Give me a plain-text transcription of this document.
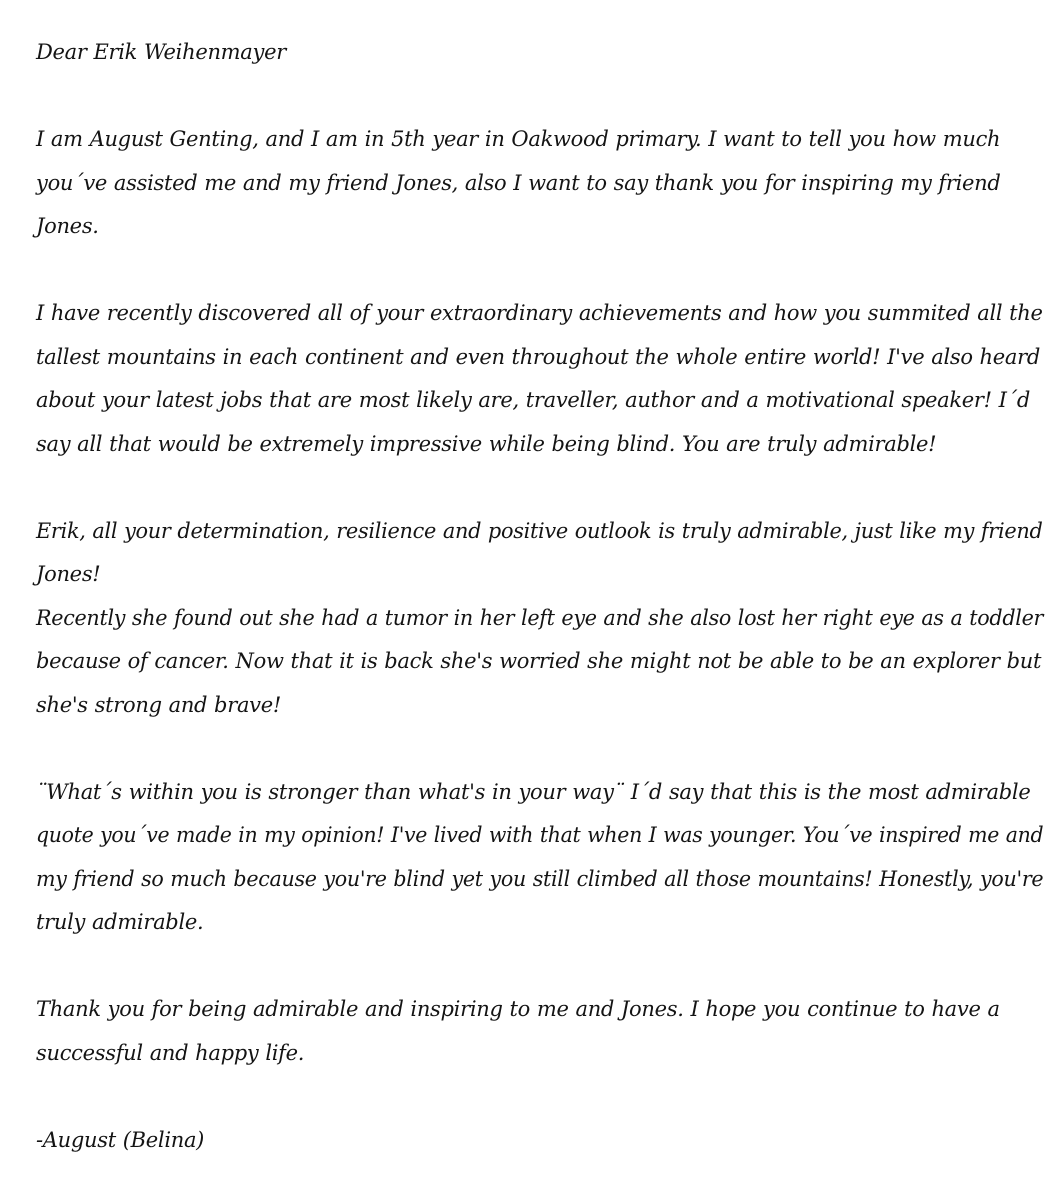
Dear Erik Weihenmayer
I am August Genting, and I am in 5th year in Oakwood primary. I want to tell you how much
you´ve assisted me and my friend Jones, also I want to say thank you for inspiring my friend
Jones.
I have recently discovered all of your extraordinary achievements and how you summited all the
tallest mountains in each continent and even throughout the whole entire world! I've also heard
about your latest jobs that are most likely are, traveller, author and a motivational speaker! I´d
say all that would be extremely impressive while being blind. You are truly admirable!
Erik, all your determination, resilience and positive outlook is truly admirable, just like my friend
Jones!
Recently she found out she had a tumor in her left eye and she also lost her right eye as a toddler
because of cancer. Now that it is back she's worried she might not be able to be an explorer but
she's strong and brave!
¨What´s within you is stronger than what's in your way¨ I´d say that this is the most admirable
quote you´ve made in my opinion! I've lived with that when I was younger. You´ve inspired me and
my friend so much because you're blind yet you still climbed all those mountains! Honestly, you're
truly admirable.
Thank you for being admirable and inspiring to me and Jones. I hope you continue to have a
successful and happy life.
-August (Belina)
